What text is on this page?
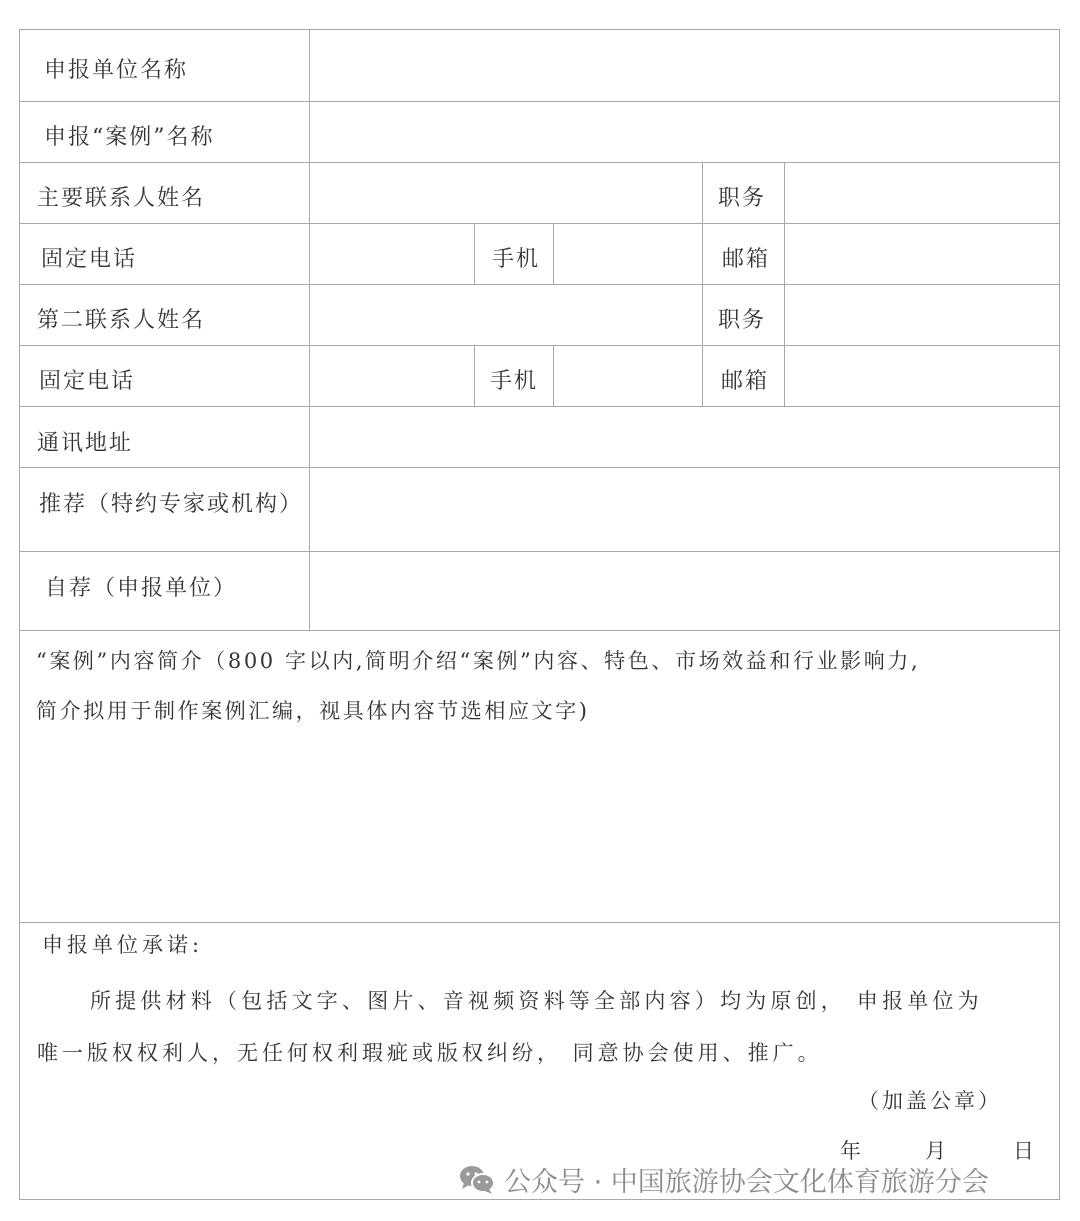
申报单位名称
申报“案例”名称
主要联系人姓名	职务
固定电话	手机	邮箱
第二联系人姓名	职务
固定电话	手机	邮箱
通讯地址
推荐（特约专家或机构）
自荐（申报单位）
“案例”内容简介（800 字以内,简明介绍“案例”内容、特色、市场效益和行业影响力,
简介拟用于制作案例汇编，视具体内容节选相应文字)
申报单位承诺:
所提供材料（包括文字、图片、音视频资料等全部内容）均为原创， 申报单位为
唯一版权权利人，无任何权利瑕疵或版权纠纷， 同意协会使用、推广。
（加盖公章）
年	月	日
公众号 · 中国旅游协会文化体育旅游分会
